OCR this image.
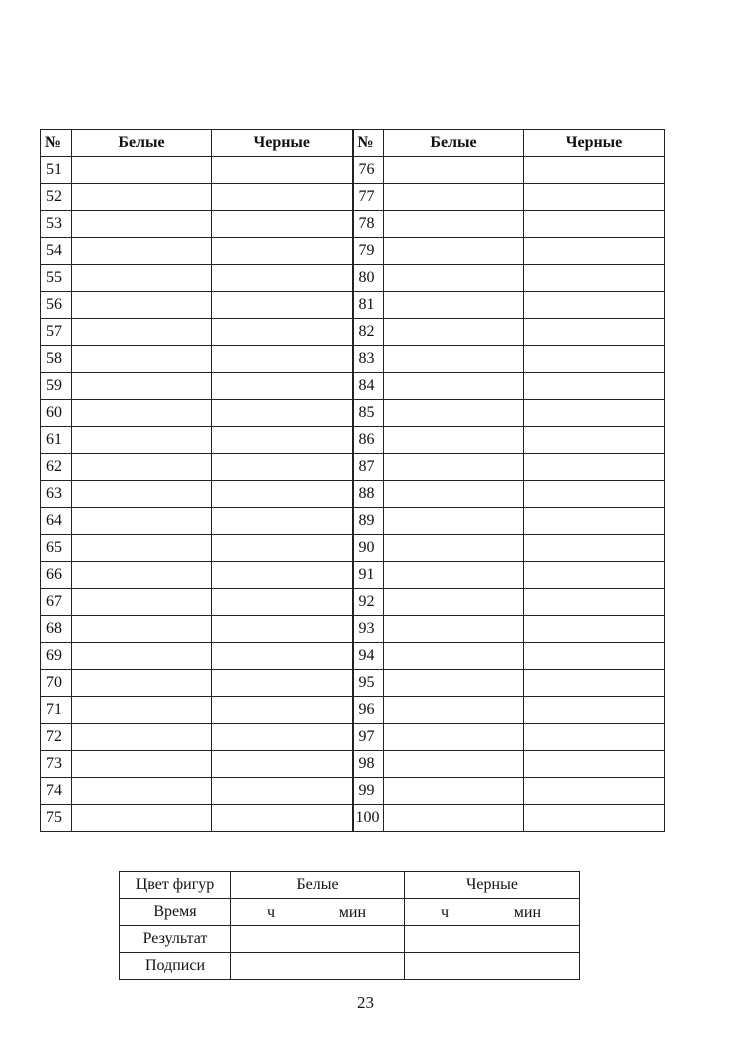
№	Белые	Черные	№	Белые	Черные
51			76		
52			77		
53			78		
54			79		
55			80		
56			81		
57			82		
58			83		
59			84		
60			85		
61			86		
62			87		
63			88		
64			89		
65			90		
66			91		
67			92		
68			93		
69			94		
70			95		
71			96		
72			97		
73			98		
74			99		
75			100		
Цвет фигур	Белые	Черные
Время	ч мин	ч мин

Результат		
Подписи		
23
